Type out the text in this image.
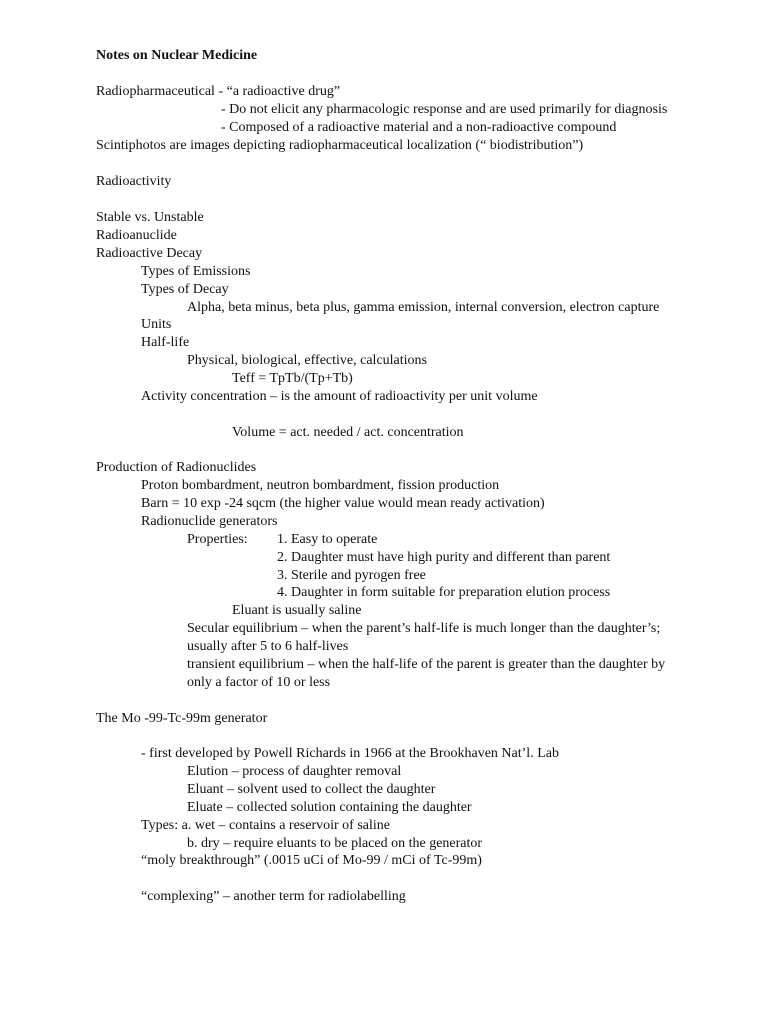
Notes on Nuclear Medicine
Radiopharmaceutical - “a radioactive drug”
- Do not elicit any pharmacologic response and are used primarily for diagnosis
- Composed of a radioactive material and a non-radioactive compound
Scintiphotos are images depicting radiopharmaceutical localization (“ biodistribution”)
Radioactivity
Stable vs. Unstable
Radioanuclide
Radioactive Decay
Types of Emissions
Types of Decay
Alpha, beta minus, beta plus, gamma emission, internal conversion, electron capture
Units
Half-life
Physical, biological, effective, calculations
Teff = TpTb/(Tp+Tb)
Activity concentration – is the amount of radioactivity per unit volume
Volume = act. needed / act. concentration
Production of Radionuclides
Proton bombardment, neutron bombardment, fission production
Barn = 10 exp -24 sqcm (the higher value would mean ready activation)
Radionuclide generators
Properties: 1. Easy to operate
2. Daughter must have high purity and different than parent
3. Sterile and pyrogen free
4. Daughter in form suitable for preparation elution process
Eluant is usually saline
Secular equilibrium – when the parent’s half-life is much longer than the daughter’s;
usually after 5 to 6 half-lives
transient equilibrium – when the half-life of the parent is greater than the daughter by
only a factor of 10 or less
The Mo -99-Tc-99m generator
- first developed by Powell Richards in 1966 at the Brookhaven Nat’l. Lab
Elution – process of daughter removal
Eluant – solvent used to collect the daughter
Eluate – collected solution containing the daughter
Types: a. wet – contains a reservoir of saline
b. dry – require eluants to be placed on the generator
“moly breakthrough” (.0015 uCi of Mo-99 / mCi of Tc-99m)
“complexing” – another term for radiolabelling
